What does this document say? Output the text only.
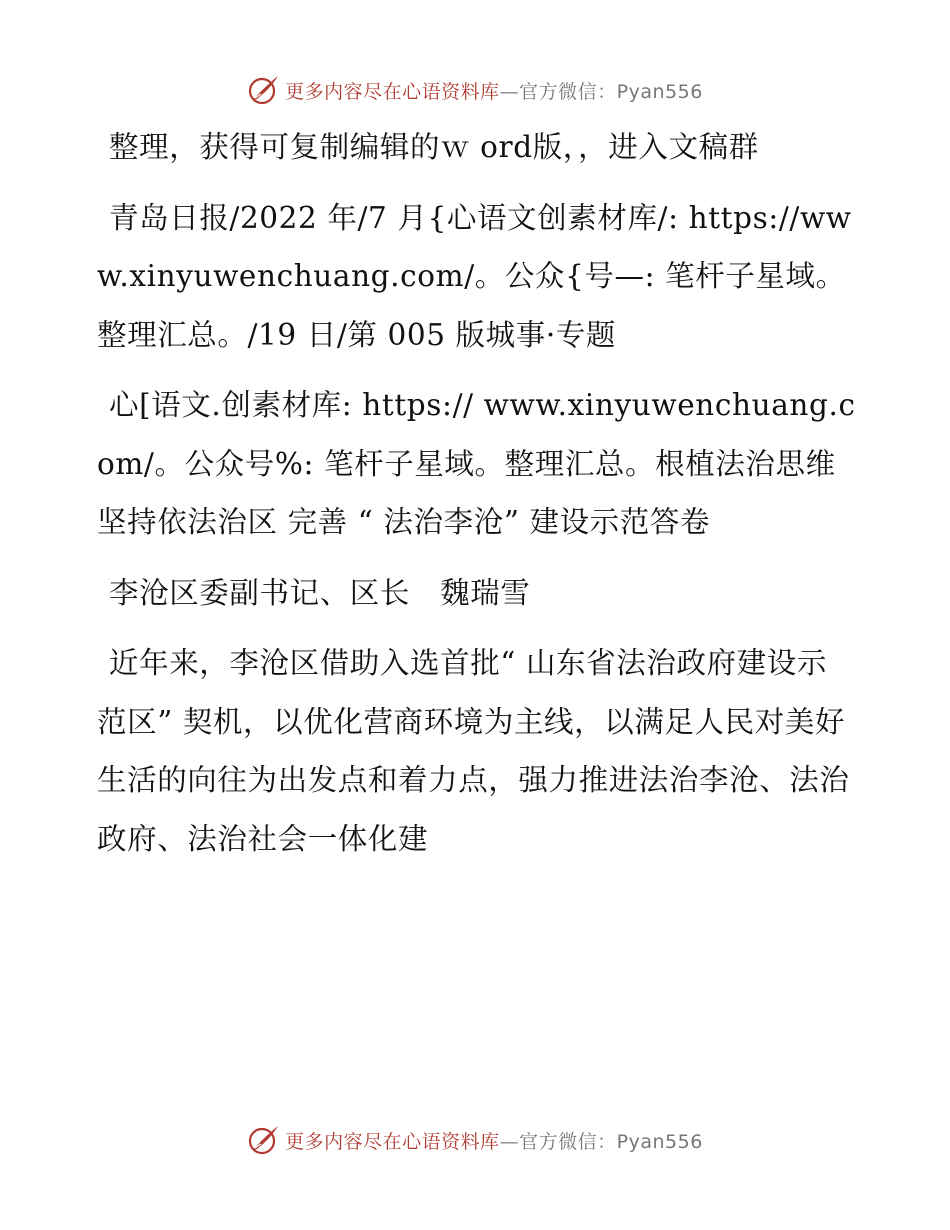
更多内容尽在心语资料库—官方微信：Pyan556

整理，获得可复制编辑的ｗ ord版，，进入文稿群

青岛日报/2022 年/7 月{心语文创素材库/: https://www.xinyuwenchuang.com/。公众{号—: 笔杆子星域。整理汇总。/19 日/第 005 版城事·专题

心[语文.创素材库: https:// www.xinyuwenchuang.com/。公众号%: 笔杆子星域。整理汇总。根植法治思维 坚持依法治区 完善 “ 法治李沧” 建设示范答卷

李沧区委副书记、区长　魏瑞雪

近年来，李沧区借助入选首批“ 山东省法治政府建设示范区” 契机，以优化营商环境为主线，以满足人民对美好生活的向往为出发点和着力点，强力推进法治李沧、法治政府、法治社会一体化建

更多内容尽在心语资料库—官方微信：Pyan556
